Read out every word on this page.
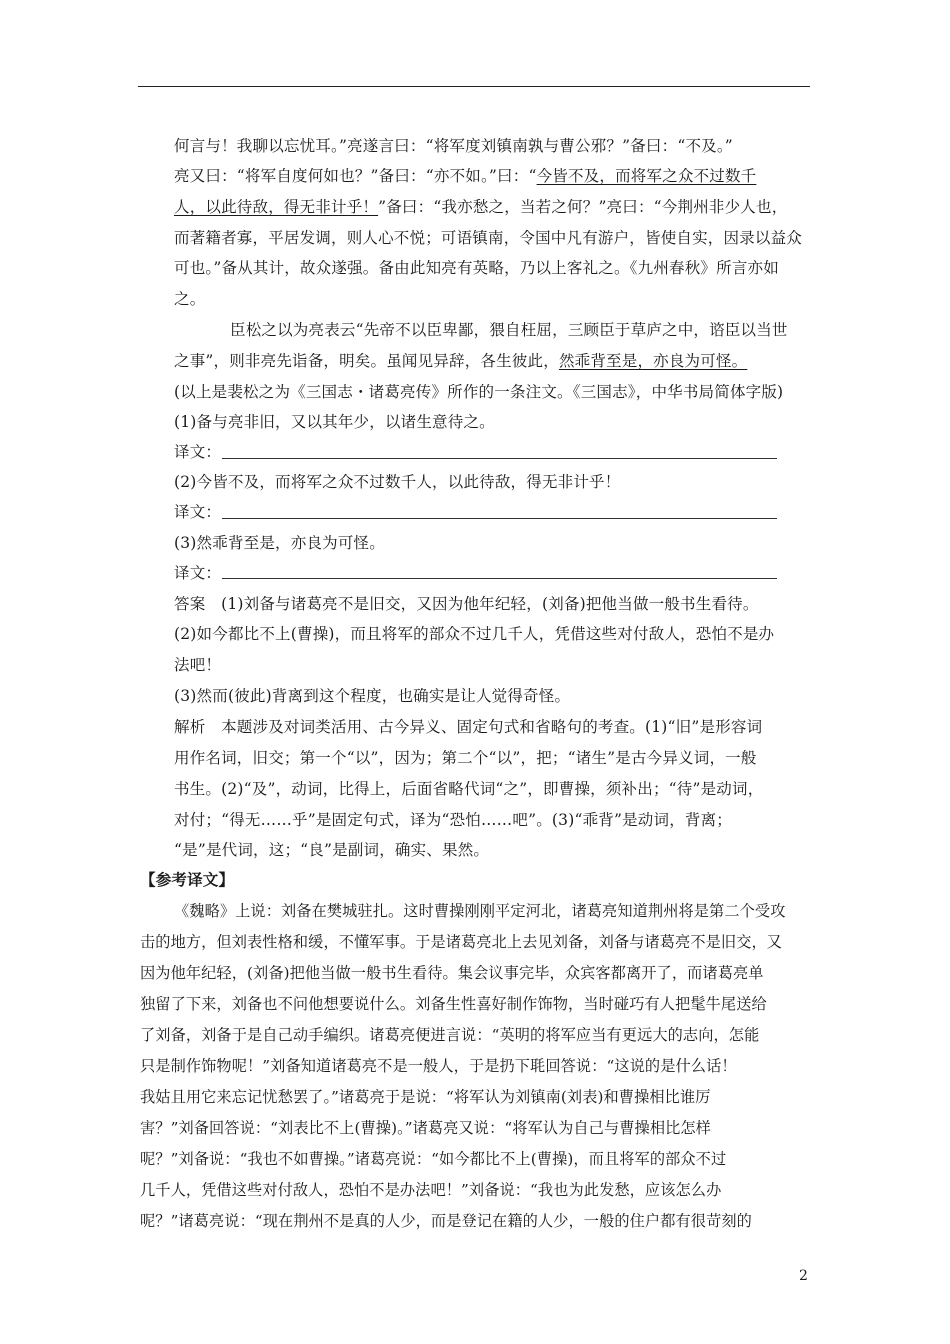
何言与！我聊以忘忧耳。”亮遂言曰：“将军度刘镇南孰与曹公邪？”备曰：“不及。”
亮又曰：“将军自度何如也？”备曰：“亦不如。”曰：“今皆不及，而将军之众不过数千
人，以此待敌，得无非计乎！”备曰：“我亦愁之，当若之何？”亮曰：“今荆州非少人也，
而著籍者寡，平居发调，则人心不悦；可语镇南，令国中凡有游户，皆使自实，因录以益众
可也。”备从其计，故众遂强。备由此知亮有英略，乃以上客礼之。《九州春秋》所言亦如
之。
臣松之以为亮表云“先帝不以臣卑鄙，猥自枉屈，三顾臣于草庐之中，谘臣以当世
之事”，则非亮先诣备，明矣。虽闻见异辞，各生彼此，然乖背至是，亦良为可怪。
(以上是裴松之为《三国志・诸葛亮传》所作的一条注文。《三国志》，中华书局简体字版)
(1)备与亮非旧，又以其年少，以诸生意待之。
译文：
(2)今皆不及，而将军之众不过数千人，以此待敌，得无非计乎！
译文：
(3)然乖背至是，亦良为可怪。
译文：
答案　(1)刘备与诸葛亮不是旧交，又因为他年纪轻，(刘备)把他当做一般书生看待。
(2)如今都比不上(曹操)，而且将军的部众不过几千人，凭借这些对付敌人，恐怕不是办
法吧！
(3)然而(彼此)背离到这个程度，也确实是让人觉得奇怪。
解析　本题涉及对词类活用、古今异义、固定句式和省略句的考查。(1)“旧”是形容词
用作名词，旧交；第一个“以”，因为；第二个“以”，把；“诸生”是古今异义词，一般
书生。(2)“及”，动词，比得上，后面省略代词“之”，即曹操，须补出；“待”是动词，
对付；“得无……乎”是固定句式，译为“恐怕……吧”。(3)“乖背”是动词，背离；
“是”是代词，这；“良”是副词，确实、果然。
【参考译文】
《魏略》上说：刘备在樊城驻扎。这时曹操刚刚平定河北，诸葛亮知道荆州将是第二个受攻
击的地方，但刘表性格和缓，不懂军事。于是诸葛亮北上去见刘备，刘备与诸葛亮不是旧交，又
因为他年纪轻，(刘备)把他当做一般书生看待。集会议事完毕，众宾客都离开了，而诸葛亮单
独留了下来，刘备也不问他想要说什么。刘备生性喜好制作饰物，当时碰巧有人把髦牛尾送给
了刘备，刘备于是自己动手编织。诸葛亮便进言说：“英明的将军应当有更远大的志向，怎能
只是制作饰物呢！”刘备知道诸葛亮不是一般人，于是扔下毦回答说：“这说的是什么话！
我姑且用它来忘记忧愁罢了。”诸葛亮于是说：“将军认为刘镇南(刘表)和曹操相比谁厉
害？”刘备回答说：“刘表比不上(曹操)。”诸葛亮又说：“将军认为自己与曹操相比怎样
呢？”刘备说：“我也不如曹操。”诸葛亮说：“如今都比不上(曹操)，而且将军的部众不过
几千人，凭借这些对付敌人，恐怕不是办法吧！”刘备说：“我也为此发愁，应该怎么办
呢？”诸葛亮说：“现在荆州不是真的人少，而是登记在籍的人少，一般的住户都有很苛刻的
2
